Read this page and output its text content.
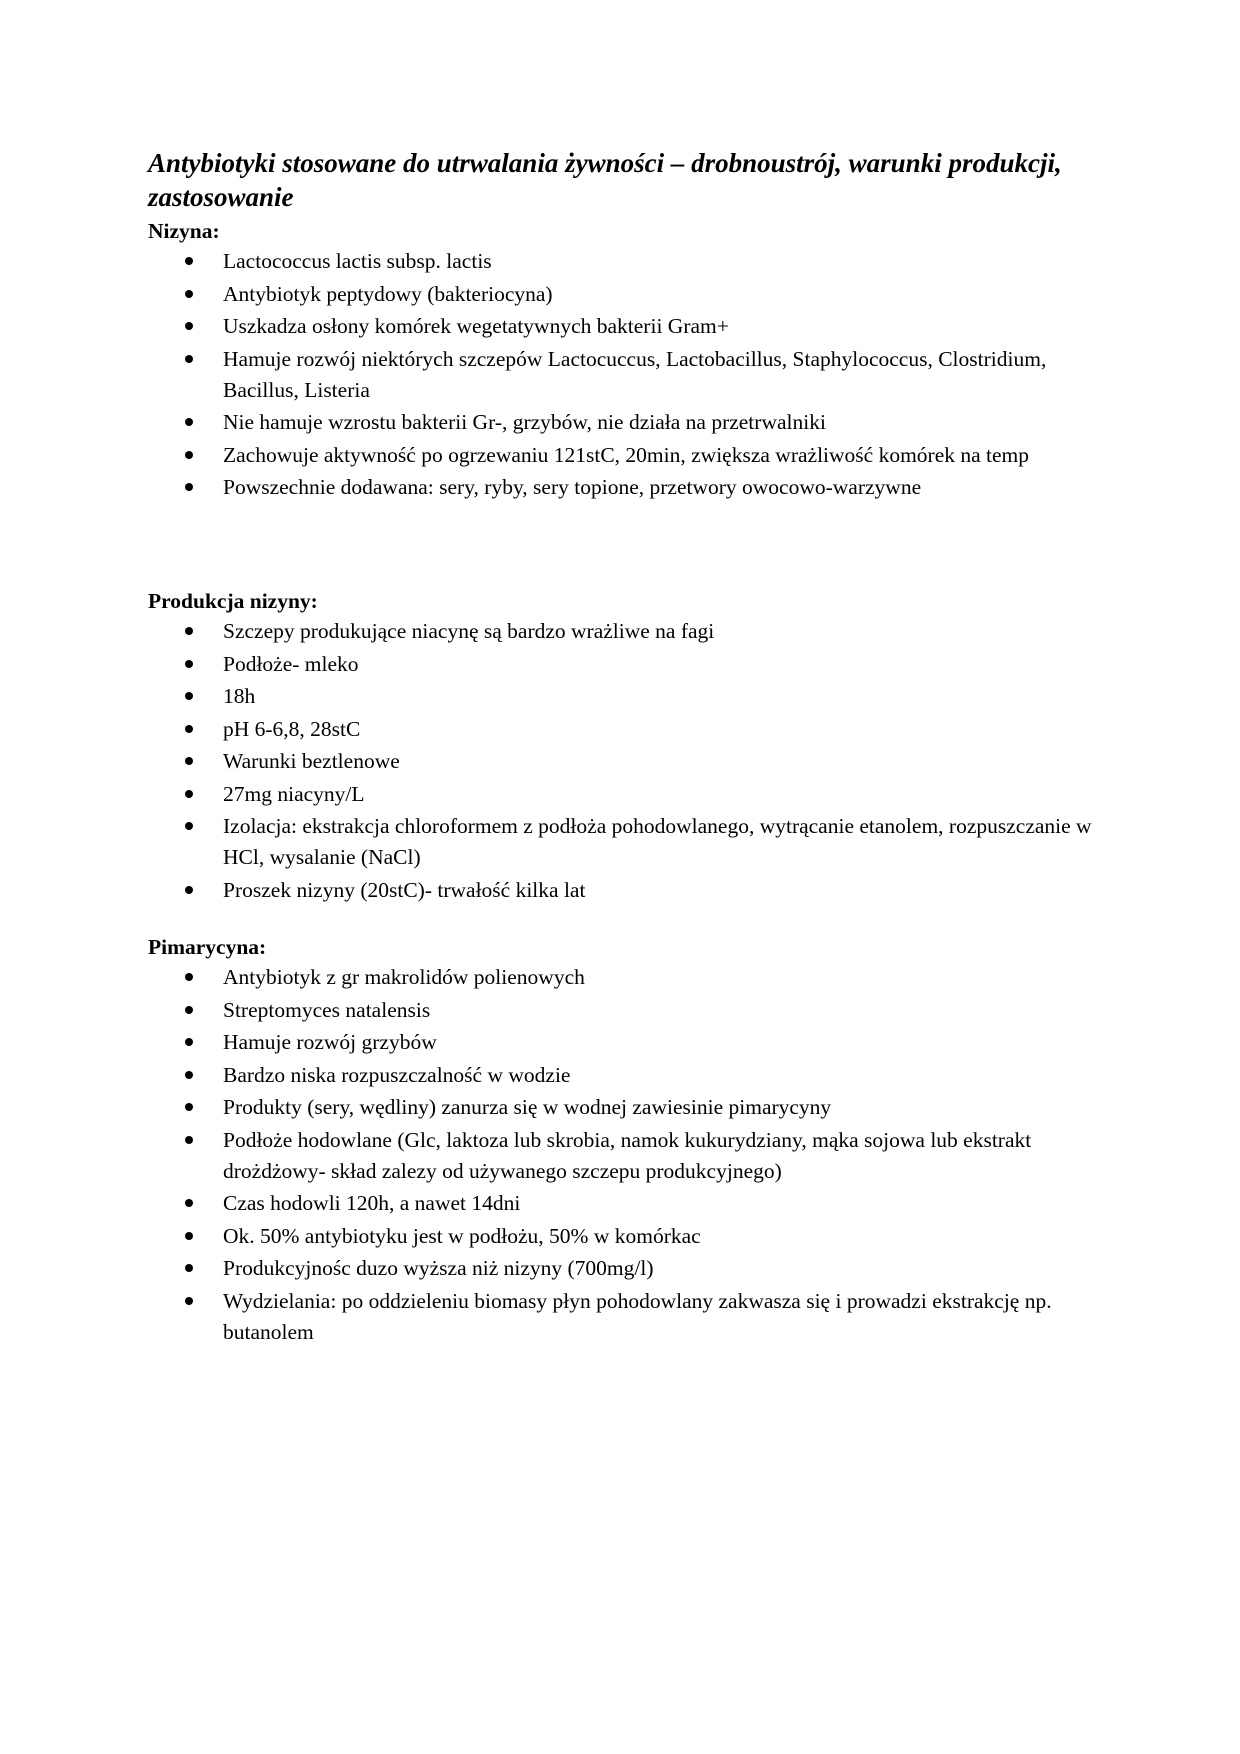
Antybiotyki stosowane do utrwalania żywności – drobnoustrój, warunki produkcji, zastosowanie
Nizyna:
Lactococcus lactis subsp. lactis
Antybiotyk peptydowy (bakteriocyna)
Uszkadza osłony komórek wegetatywnych bakterii Gram+
Hamuje rozwój niektórych szczepów Lactocuccus, Lactobacillus, Staphylococcus, Clostridium, Bacillus, Listeria
Nie hamuje wzrostu bakterii Gr-, grzybów, nie działa na przetrwalniki
Zachowuje aktywność po ogrzewaniu 121stC, 20min, zwiększa wrażliwość komórek na temp
Powszechnie dodawana: sery, ryby, sery topione, przetwory owocowo-warzywne
Produkcja nizyny:
Szczepy produkujące niacynę są bardzo wrażliwe na fagi
Podłoże- mleko
18h
pH 6-6,8, 28stC
Warunki beztlenowe
27mg niacyny/L
Izolacja: ekstrakcja chloroformem z podłoża pohodowlanego, wytrącanie etanolem, rozpuszczanie w HCl, wysalanie (NaCl)
Proszek nizyny (20stC)- trwałość kilka lat
Pimarycyna:
Antybiotyk z gr makrolidów polienowych
Streptomyces natalensis
Hamuje rozwój grzybów
Bardzo niska rozpuszczalność w wodzie
Produkty (sery, wędliny) zanurza się w wodnej zawiesinie pimarycyny
Podłoże hodowlane (Glc, laktoza lub skrobia, namok kukurydziany, mąka sojowa lub ekstrakt drożdżowy- skład zalezy od używanego szczepu produkcyjnego)
Czas hodowli 120h, a nawet 14dni
Ok. 50% antybiotyku jest w podłożu, 50% w komórkac
Produkcyjnośc duzo wyższa niż nizyny (700mg/l)
Wydzielania: po oddzieleniu biomasy płyn pohodowlany zakwasza się i prowadzi ekstrakcję np. butanolem
